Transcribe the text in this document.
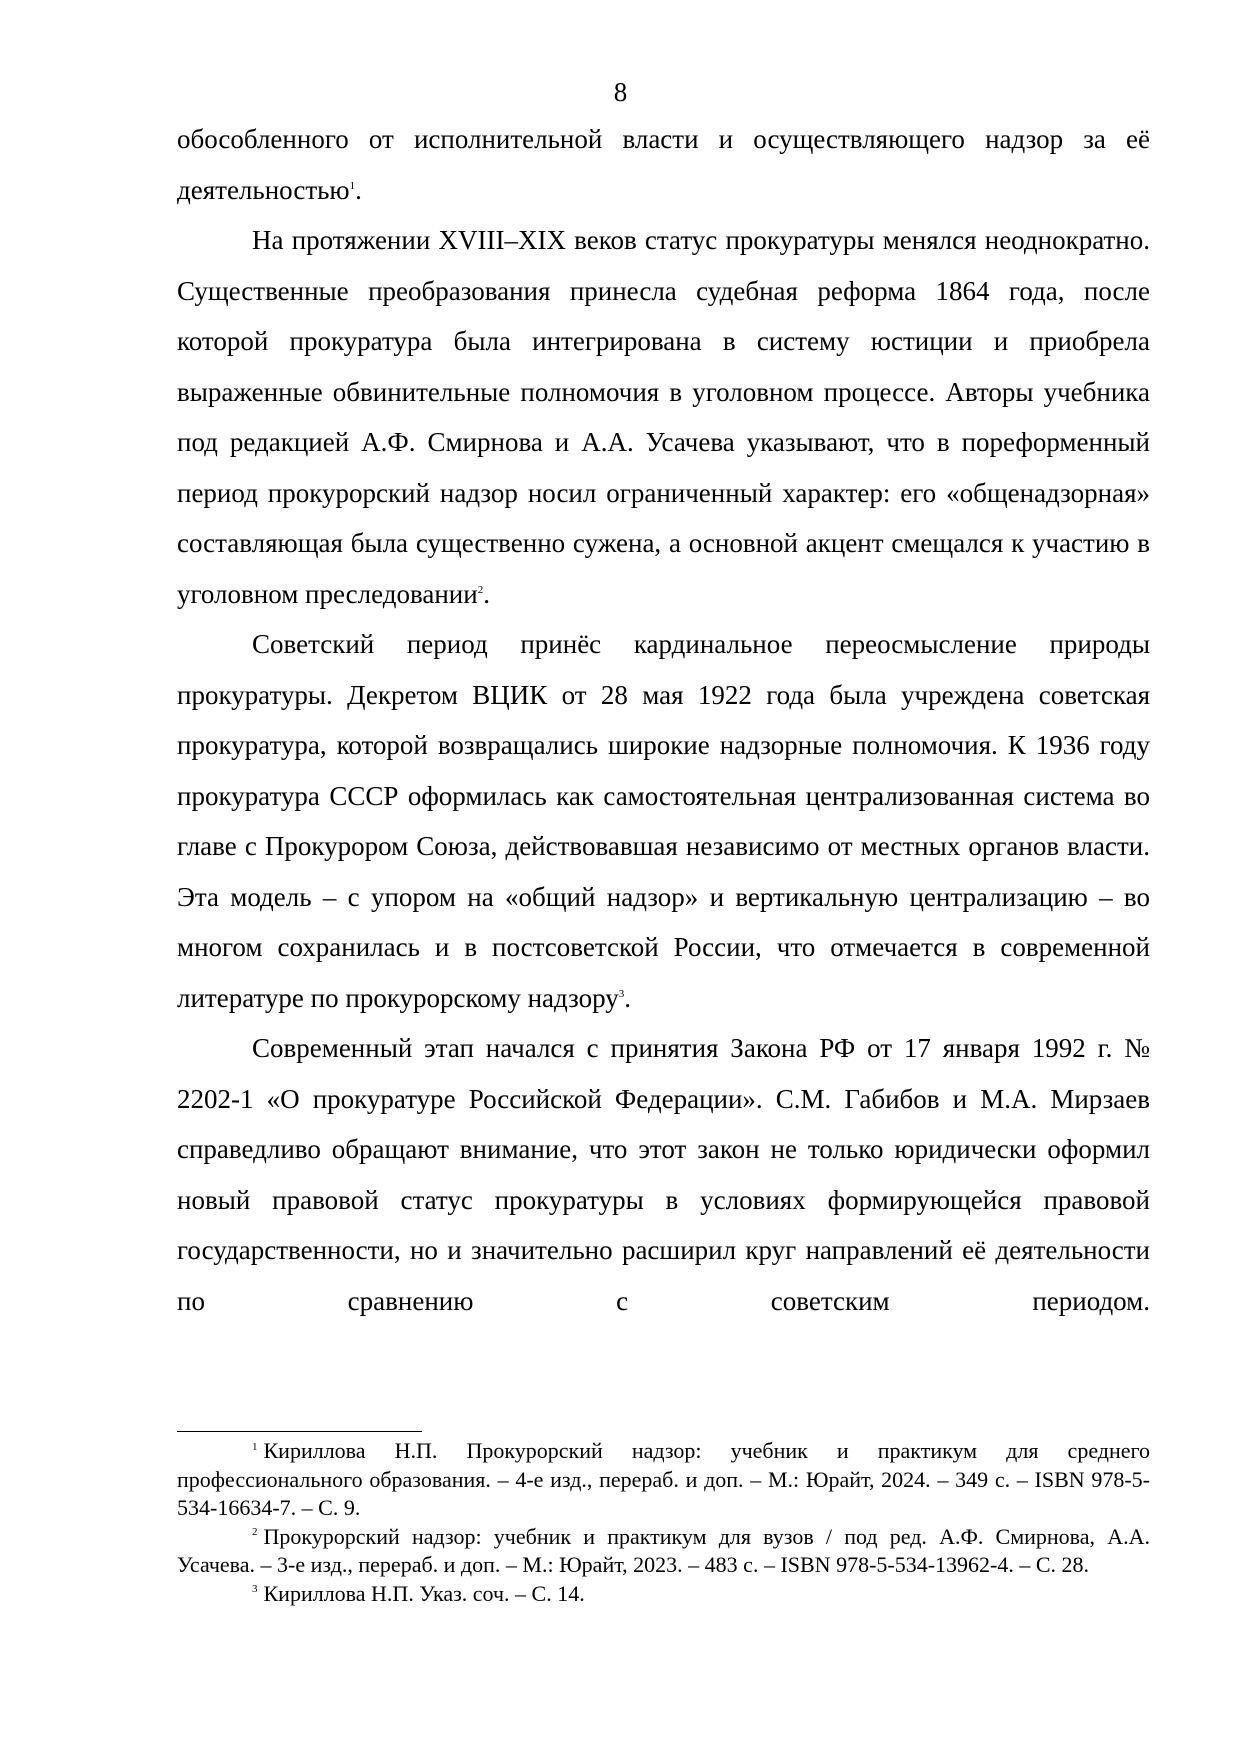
8

обособленного от исполнительной власти и осуществляющего надзор за её деятельностью$^1$.

На протяжении XVIII–XIX веков статус прокуратуры менялся неоднократно. Существенные преобразования принесла судебная реформа 1864 года, после которой прокуратура была интегрирована в систему юстиции и приобрела выраженные обвинительные полномочия в уголовном процессе. Авторы учебника под редакцией А.Ф. Смирнова и А.А. Усачева указывают, что в пореформенный период прокурорский надзор носил ограниченный характер: его «общенадзорная» составляющая была существенно сужена, а основной акцент смещался к участию в уголовном преследовании$^2$.

Советский период принёс кардинальное переосмысление природы прокуратуры. Декретом ВЦИК от 28 мая 1922 года была учреждена советская прокуратура, которой возвращались широкие надзорные полномочия. К 1936 году прокуратура СССР оформилась как самостоятельная централизованная система во главе с Прокурором Союза, действовавшая независимо от местных органов власти. Эта модель – с упором на «общий надзор» и вертикальную централизацию – во многом сохранилась и в постсоветской России, что отмечается в современной литературе по прокурорскому надзору$^3$.

Современный этап начался с принятия Закона РФ от 17 января 1992 г. № 2202-1 «О прокуратуре Российской Федерации». С.М. Габибов и М.А. Мирзаев справедливо обращают внимание, что этот закон не только юридически оформил новый правовой статус прокуратуры в условиях формирующейся правовой государственности, но и значительно расширил круг направлений её деятельности по сравнению с советским периодом.

$^1$ Кириллова Н.П. Прокурорский надзор: учебник и практикум для среднего профессионального образования. – 4-е изд., перераб. и доп. – М.: Юрайт, 2024. – 349 с. – ISBN 978-5-534-16634-7. – С. 9.

$^2$ Прокурорский надзор: учебник и практикум для вузов / под ред. А.Ф. Смирнова, А.А. Усачева. – 3-е изд., перераб. и доп. – М.: Юрайт, 2023. – 483 с. – ISBN 978-5-534-13962-4. – С. 28.

$^3$ Кириллова Н.П. Указ. соч. – С. 14.
